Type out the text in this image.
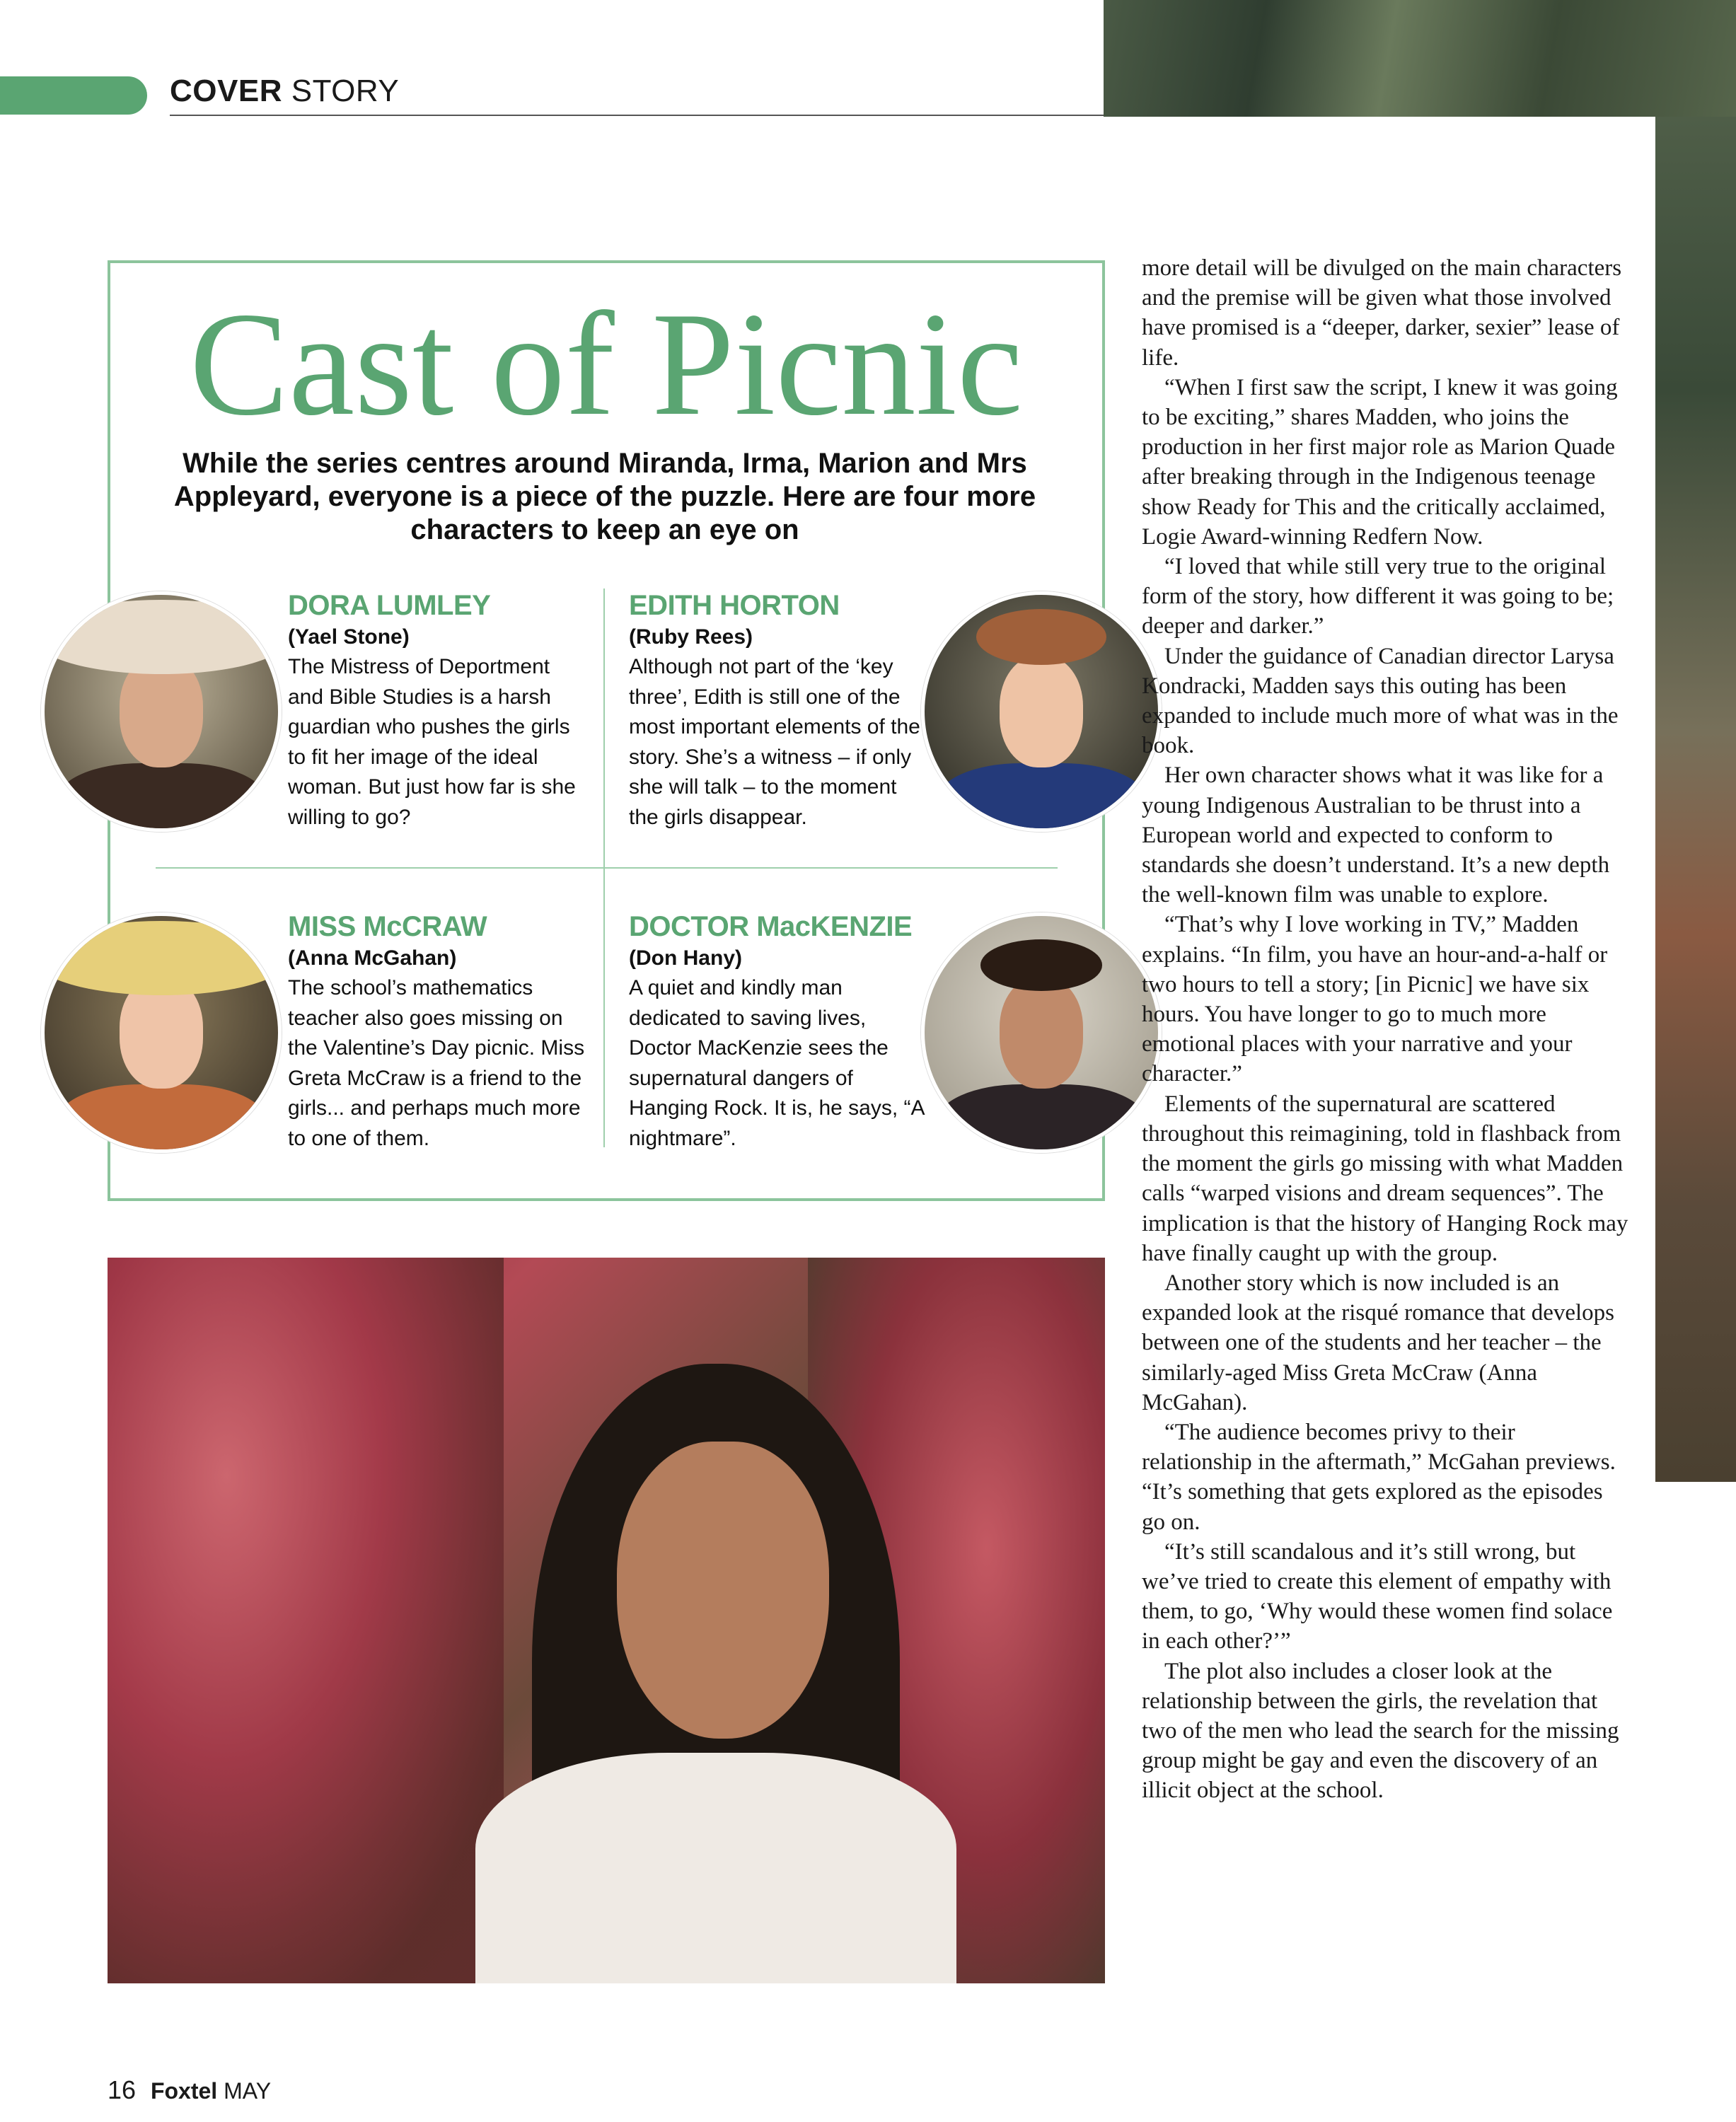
COVER STORY
Cast of Picnic
While the series centres around Miranda, Irma, Marion and Mrs Appleyard, everyone is a piece of the puzzle. Here are four more characters to keep an eye on
DORA LUMLEY
(Yael Stone)
The Mistress of Deportment and Bible Studies is a harsh guardian who pushes the girls to fit her image of the ideal woman. But just how far is she willing to go?
EDITH HORTON
(Ruby Rees)
Although not part of the ‘key three’, Edith is still one of the most important elements of the story. She’s a witness – if only she will talk – to the moment the girls disappear.
MISS McCRAW
(Anna McGahan)
The school’s mathematics teacher also goes missing on the Valentine’s Day picnic. Miss Greta McCraw is a friend to the girls... and perhaps much more to one of them.
DOCTOR MacKENZIE
(Don Hany)
A quiet and kindly man dedicated to saving lives, Doctor MacKenzie sees the supernatural dangers of Hanging Rock. It is, he says, “A nightmare”.

more detail will be divulged on the main characters and the premise will be given what those involved have promised is a “deeper, darker, sexier” lease of life.

“When I first saw the script, I knew it was going to be exciting,” shares Madden, who joins the production in her first major role as Marion Quade after breaking through in the Indigenous teenage show Ready for This and the critically acclaimed, Logie Award-winning Redfern Now.

“I loved that while still very true to the original form of the story, how different it was going to be; deeper and darker.”

Under the guidance of Canadian director Larysa Kondracki, Madden says this outing has been expanded to include much more of what was in the book.

Her own character shows what it was like for a young Indigenous Australian to be thrust into a European world and expected to conform to standards she doesn’t understand. It’s a new depth the well-known film was unable to explore.

“That’s why I love working in TV,” Madden explains. “In film, you have an hour-and-a-half or two hours to tell a story; [in Picnic] we have six hours. You have longer to go to much more emotional places with your narrative and your character.”

Elements of the supernatural are scattered throughout this reimagining, told in flashback from the moment the girls go missing with what Madden calls “warped visions and dream sequences”. The implication is that the history of Hanging Rock may have finally caught up with the group.

Another story which is now included is an expanded look at the risqué romance that develops between one of the students and her teacher – the similarly-aged Miss Greta McCraw (Anna McGahan).

“The audience becomes privy to their relationship in the aftermath,” McGahan previews. “It’s something that gets explored as the episodes go on.

“It’s still scandalous and it’s still wrong, but we’ve tried to create this element of empathy with them, to go, ‘Why would these women find solace in each other?’”

The plot also includes a closer look at the relationship between the girls, the revelation that two of the men who lead the search for the missing group might be gay and even the discovery of an illicit object at the school.

16 Foxtel MAY
